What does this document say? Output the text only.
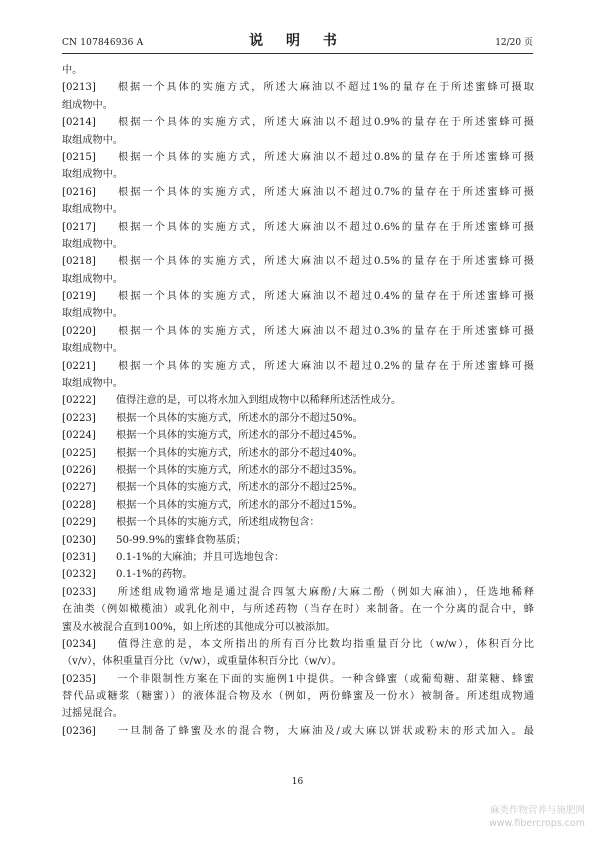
CN 107846936 A	说 明 书	12/20 页
中。
[0213] 根据一个具体的实施方式，所述大麻油以不超过1%的量存在于所述蜜蜂可摄取
组成物中。
[0214] 根据一个具体的实施方式，所述大麻油以不超过0.9%的量存在于所述蜜蜂可摄
取组成物中。
[0215] 根据一个具体的实施方式，所述大麻油以不超过0.8%的量存在于所述蜜蜂可摄
取组成物中。
[0216] 根据一个具体的实施方式，所述大麻油以不超过0.7%的量存在于所述蜜蜂可摄
取组成物中。
[0217] 根据一个具体的实施方式，所述大麻油以不超过0.6%的量存在于所述蜜蜂可摄
取组成物中。
[0218] 根据一个具体的实施方式，所述大麻油以不超过0.5%的量存在于所述蜜蜂可摄
取组成物中。
[0219] 根据一个具体的实施方式，所述大麻油以不超过0.4%的量存在于所述蜜蜂可摄
取组成物中。
[0220] 根据一个具体的实施方式，所述大麻油以不超过0.3%的量存在于所述蜜蜂可摄
取组成物中。
[0221] 根据一个具体的实施方式，所述大麻油以不超过0.2%的量存在于所述蜜蜂可摄
取组成物中。
[0222] 值得注意的是，可以将水加入到组成物中以稀释所述活性成分。
[0223] 根据一个具体的实施方式，所述水的部分不超过50%。
[0224] 根据一个具体的实施方式，所述水的部分不超过45%。
[0225] 根据一个具体的实施方式，所述水的部分不超过40%。
[0226] 根据一个具体的实施方式，所述水的部分不超过35%。
[0227] 根据一个具体的实施方式，所述水的部分不超过25%。
[0228] 根据一个具体的实施方式，所述水的部分不超过15%。
[0229] 根据一个具体的实施方式，所述组成物包含：
[0230] 50-99.9%的蜜蜂食物基质；
[0231] 0.1-1%的大麻油；并且可选地包含：
[0232] 0.1-1%的药物。
[0233] 所述组成物通常地是通过混合四氢大麻酚/大麻二酚（例如大麻油），任选地稀释
在油类（例如橄榄油）或乳化剂中，与所述药物（当存在时）来制备。在一个分离的混合中，蜂
蜜及水被混合直到100%，如上所述的其他成分可以被添加。
[0234] 值得注意的是，本文所指出的所有百分比数均指重量百分比（w/w），体积百分比
（v/v），体积重量百分比（v/w），或重量体积百分比（w/v）。
[0235] 一个非限制性方案在下面的实施例1中提供。一种含蜂蜜（或葡萄糖、甜菜糖、蜂蜜
替代品或糖浆（糖蜜））的液体混合物及水（例如，两份蜂蜜及一份水）被制备。所述组成物通
过摇晃混合。
[0236] 一旦制备了蜂蜜及水的混合物，大麻油及/或大麻以饼状或粉末的形式加入。最
16
麻类作物营养与施肥网
www.fibercrops.com
